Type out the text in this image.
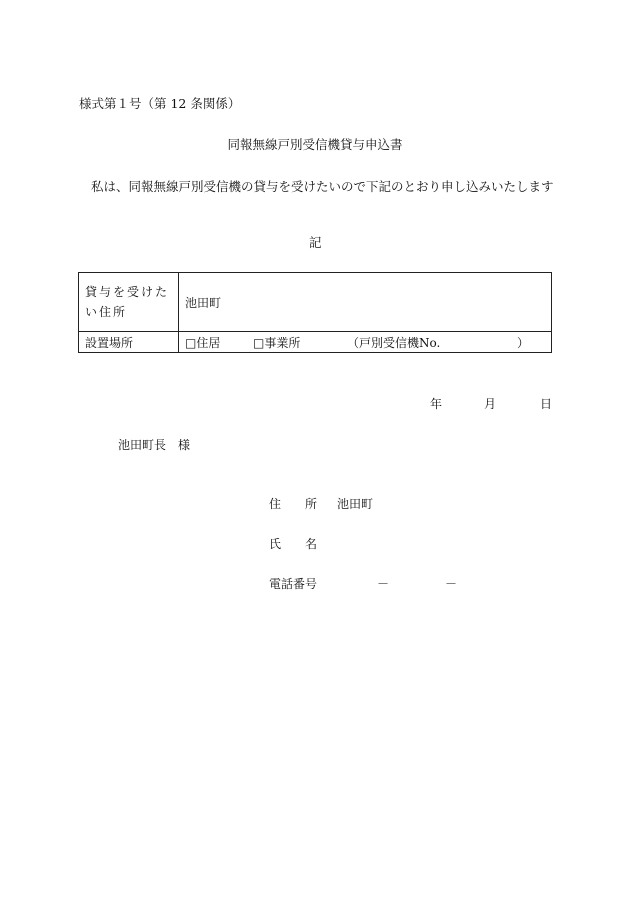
様式第１号（第 12 条関係）
同報無線戸別受信機貸与申込書
私は、同報無線戸別受信機の貸与を受けたいので下記のとおり申し込みいたします
記
貸与を受けたい住所	池田町
設置場所	□住居 □事業所 （戸別受信機No. ）
年	月	日
池田町長　様
住　　所 池田町
氏　　名
電話番号	－	－
